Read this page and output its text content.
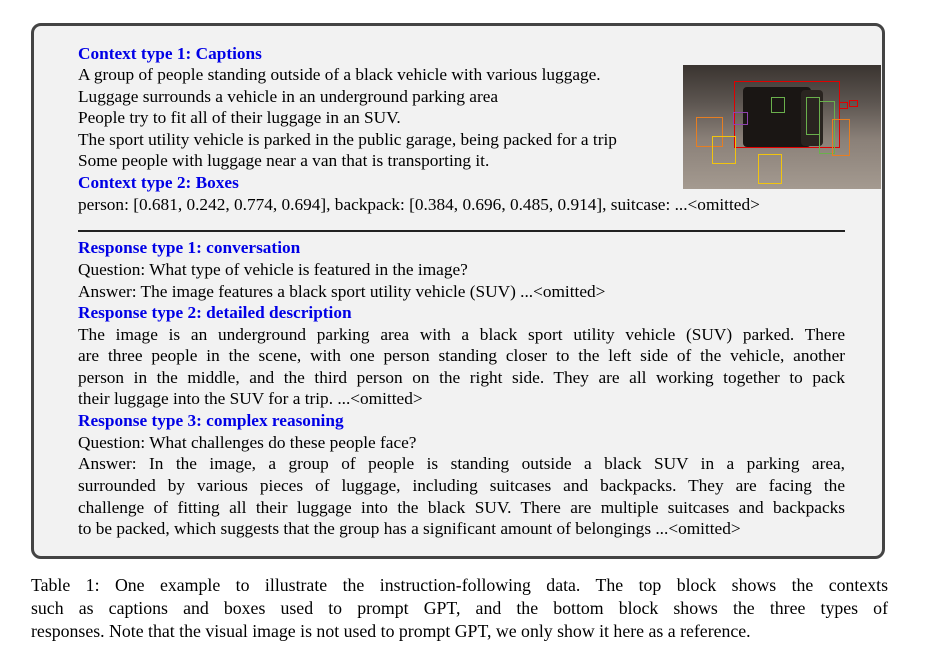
Context type 1: Captions
A group of people standing outside of a black vehicle with various luggage.
Luggage surrounds a vehicle in an underground parking area
People try to fit all of their luggage in an SUV.
The sport utility vehicle is parked in the public garage, being packed for a trip
Some people with luggage near a van that is transporting it.
Context type 2: Boxes
person: [0.681, 0.242, 0.774, 0.694], backpack: [0.384, 0.696, 0.485, 0.914], suitcase: ...<omitted>
Response type 1: conversation
Question: What type of vehicle is featured in the image?
Answer: The image features a black sport utility vehicle (SUV) ...<omitted>
Response type 2: detailed description
The image is an underground parking area with a black sport utility vehicle (SUV) parked. There
are three people in the scene, with one person standing closer to the left side of the vehicle, another
person in the middle, and the third person on the right side. They are all working together to pack
their luggage into the SUV for a trip. ...<omitted>
Response type 3: complex reasoning
Question: What challenges do these people face?
Answer: In the image, a group of people is standing outside a black SUV in a parking area,
surrounded by various pieces of luggage, including suitcases and backpacks. They are facing the
challenge of fitting all their luggage into the black SUV. There are multiple suitcases and backpacks
to be packed, which suggests that the group has a significant amount of belongings ...<omitted>
Table 1: One example to illustrate the instruction-following data. The top block shows the contexts
such as captions and boxes used to prompt GPT, and the bottom block shows the three types of
responses. Note that the visual image is not used to prompt GPT, we only show it here as a reference.
